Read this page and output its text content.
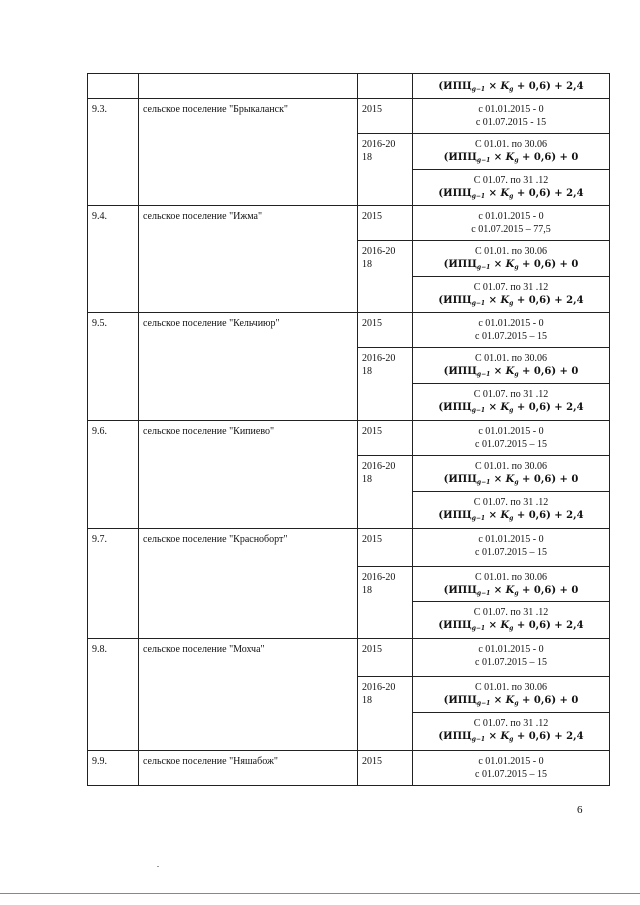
			$(ИПЦ_{g-1} \times K_g + 0,6) + 2,4$

9.3.	сельское поселение "Брыкаланск"	2015	с 01.01.2015 - 0
с 01.07.2015 - 15

		2016-2018	С 01.01. по 30.06
$(ИПЦ_{g-1} \times K_g + 0,6) + 0$

			С 01.07. по 31 .12
$(ИПЦ_{g-1} \times K_g + 0,6) + 2,4$

9.4.	сельское поселение "Ижма"	2015	с 01.01.2015 - 0
с 01.07.2015 – 77,5

		2016-2018	С 01.01. по 30.06
$(ИПЦ_{g-1} \times K_g + 0,6) + 0$

			С 01.07. по 31 .12
$(ИПЦ_{g-1} \times K_g + 0,6) + 2,4$

9.5.	сельское поселение "Кельчиюр"	2015	с 01.01.2015 - 0
с 01.07.2015 – 15

		2016-2018	С 01.01. по 30.06
$(ИПЦ_{g-1} \times K_g + 0,6) + 0$

			С 01.07. по 31 .12
$(ИПЦ_{g-1} \times K_g + 0,6) + 2,4$

9.6.	сельское поселение "Кипиево"	2015	с 01.01.2015 - 0
с 01.07.2015 – 15

		2016-2018	С 01.01. по 30.06
$(ИПЦ_{g-1} \times K_g + 0,6) + 0$

			С 01.07. по 31 .12
$(ИПЦ_{g-1} \times K_g + 0,6) + 2,4$

9.7.	сельское поселение "Красноборт"	2015	с 01.01.2015 - 0
с 01.07.2015 – 15

		2016-2018	С 01.01. по 30.06
$(ИПЦ_{g-1} \times K_g + 0,6) + 0$

			С 01.07. по 31 .12
$(ИПЦ_{g-1} \times K_g + 0,6) + 2,4$

9.8.	сельское поселение "Мохча"	2015	с 01.01.2015 - 0
с 01.07.2015 – 15

		2016-2018	С 01.01. по 30.06
$(ИПЦ_{g-1} \times K_g + 0,6) + 0$

			С 01.07. по 31 .12
$(ИПЦ_{g-1} \times K_g + 0,6) + 2,4$

9.9.	сельское поселение "Няшабож"	2015	с 01.01.2015 - 0
с 01.07.2015 – 15
6
